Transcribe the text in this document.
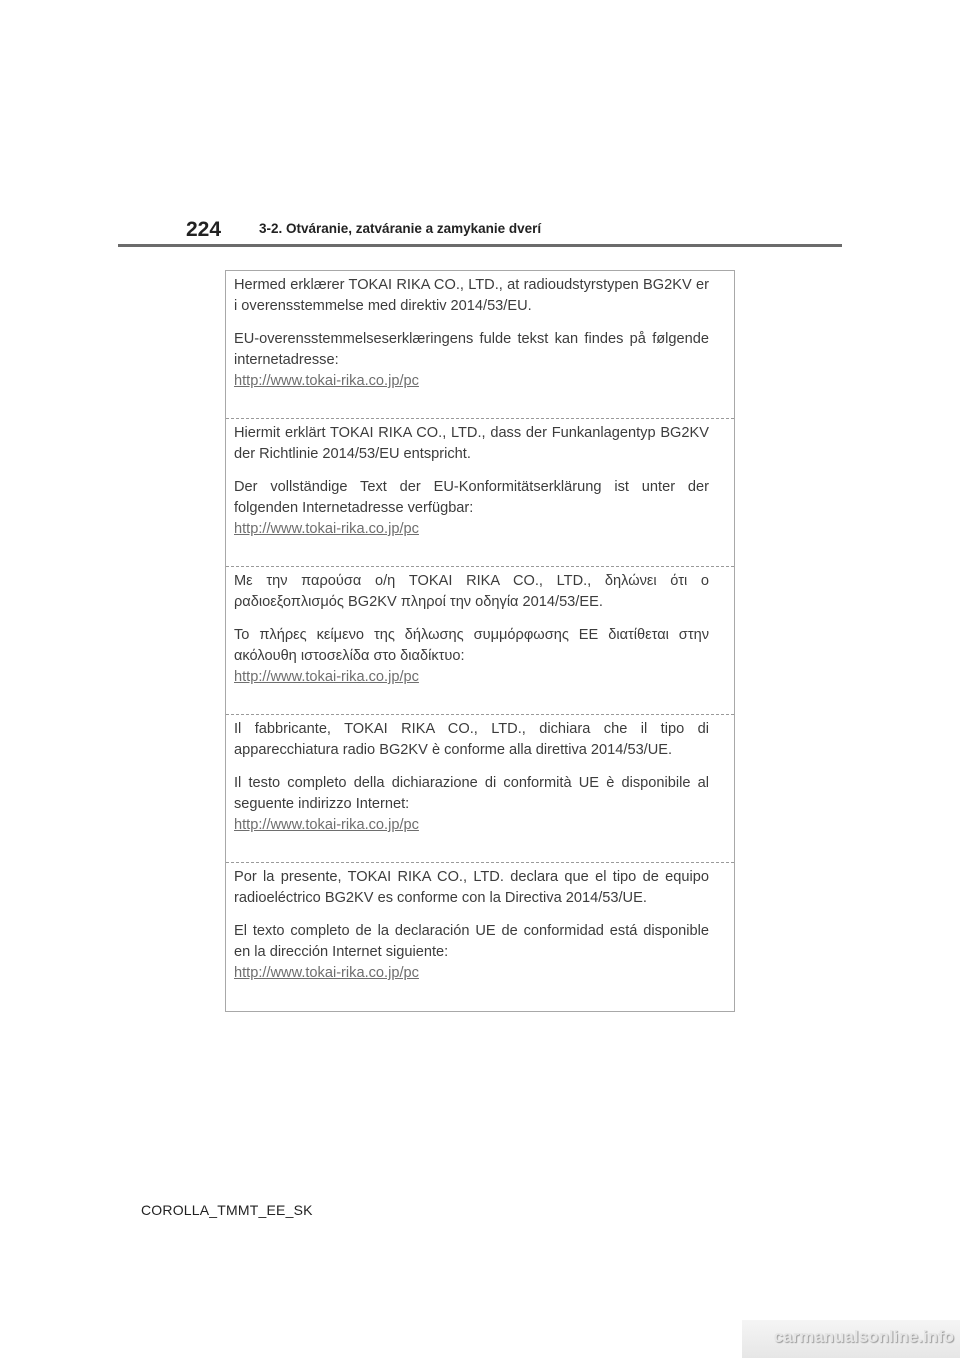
224	3-2. Otváranie, zatváranie a zamykanie dverí

Hermed erklærer TOKAI RIKA CO., LTD., at radioudstyrstypen BG2KV er i overensstemmelse med direktiv 2014/53/EU.

EU-overensstemmelseserklæringens fulde tekst kan findes på følgende internetadresse:

http://www.tokai-rika.co.jp/pc

Hiermit erklärt TOKAI RIKA CO., LTD., dass der Funkanlagentyp BG2KV der Richtlinie 2014/53/EU entspricht.

Der vollständige Text der EU-Konformitätserklärung ist unter der folgenden Internetadresse verfügbar:

http://www.tokai-rika.co.jp/pc

Με την παρούσα ο/η TOKAI RIKA CO., LTD., δηλώνει ότι ο ραδιοεξοπλισμός BG2KV πληροί την οδηγία 2014/53/ΕΕ.

Το πλήρες κείμενο της δήλωσης συμμόρφωσης ΕΕ διατίθεται στην ακόλουθη ιστοσελίδα στο διαδίκτυο:

http://www.tokai-rika.co.jp/pc

Il fabbricante, TOKAI RIKA CO., LTD., dichiara che il tipo di apparecchiatura radio BG2KV è conforme alla direttiva 2014/53/UE.

Il testo completo della dichiarazione di conformità UE è disponibile al seguente indirizzo Internet:

http://www.tokai-rika.co.jp/pc

Por la presente, TOKAI RIKA CO., LTD. declara que el tipo de equipo radioeléctrico BG2KV es conforme con la Directiva 2014/53/UE.

El texto completo de la declaración UE de conformidad está disponible en la dirección Internet siguiente:

http://www.tokai-rika.co.jp/pc
COROLLA_TMMT_EE_SK
carmanualsonline.info
